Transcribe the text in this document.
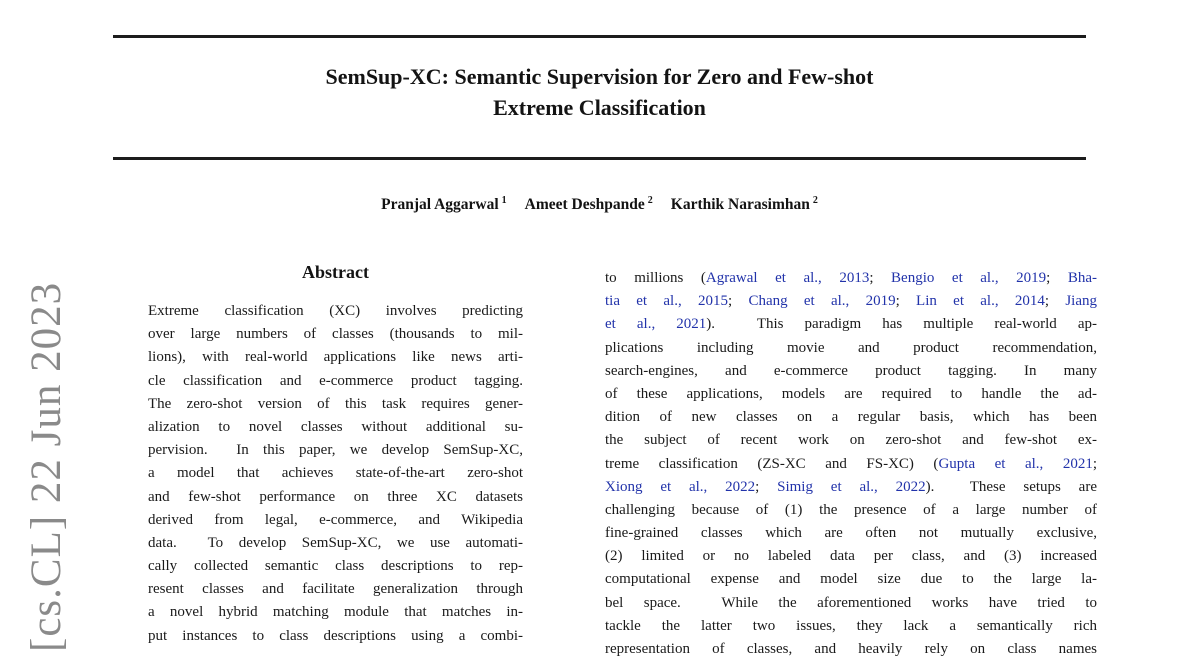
SemSup-XC: Semantic Supervision for Zero and Few-shot
Extreme Classification
Pranjal Aggarwal $^1$ Ameet Deshpande $^2$ Karthik Narasimhan $^2$
Abstract
Extreme classification (XC) involves predicting
over large numbers of classes (thousands to mil-
lions), with real-world applications like news arti-
cle classification and e-commerce product tagging.
The zero-shot version of this task requires gener-
alization to novel classes without additional su-
pervision.  In this paper, we develop SemSup-XC,
a model that achieves state-of-the-art zero-shot
and few-shot performance on three XC datasets
derived from legal, e-commerce, and Wikipedia
data.  To develop SemSup-XC, we use automati-
cally collected semantic class descriptions to rep-
resent classes and facilitate generalization through
a novel hybrid matching module that matches in-
put instances to class descriptions using a combi-
to millions (Agrawal et al., 2013; Bengio et al., 2019; Bha-
tia et al., 2015; Chang et al., 2019; Lin et al., 2014; Jiang
et al., 2021).  This paradigm has multiple real-world ap-
plications including movie and product recommendation,
search-engines, and e-commerce product tagging. In many
of these applications, models are required to handle the ad-
dition of new classes on a regular basis, which has been
the subject of recent work on zero-shot and few-shot ex-
treme classification (ZS-XC and FS-XC) (Gupta et al., 2021;
Xiong et al., 2022; Simig et al., 2022).  These setups are
challenging because of (1) the presence of a large number of
fine-grained classes which are often not mutually exclusive,
(2) limited or no labeled data per class, and (3) increased
computational expense and model size due to the large la-
bel space.  While the aforementioned works have tried to
tackle the latter two issues, they lack a semantically rich
representation of classes, and heavily rely on class names
[cs.CL] 22 Jun 2023
